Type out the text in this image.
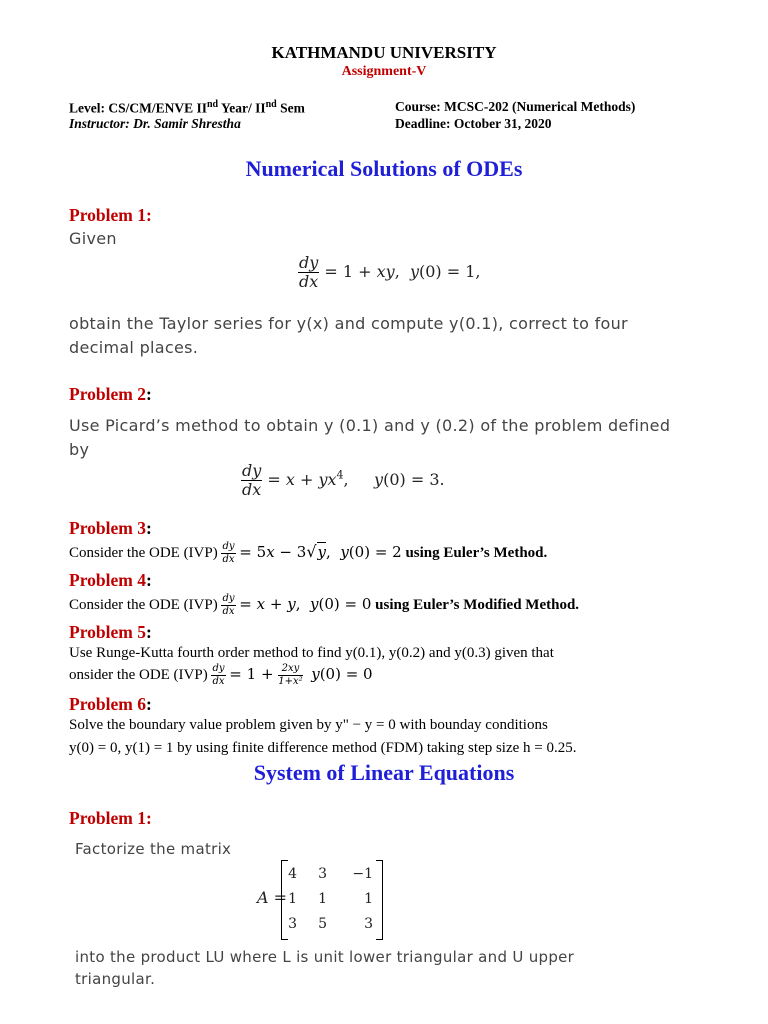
KATHMANDU UNIVERSITY
Assignment-V
Level: CS/CM/ENVE IInd Year/ IInd Sem
Instructor: Dr. Samir Shrestha
Course: MCSC-202 (Numerical Methods)
Deadline: October 31, 2020
Numerical Solutions of ODEs
Problem 1:
Given
$\frac{dy}{dx} = 1$ + xy,  y(0) = 1,
obtain the Taylor series for y(x) and compute y(0.1), correct to four
decimal places.
Problem 2:
Use Picard’s method to obtain y (0.1) and y (0.2) of the problem defined
by
$\frac{dy}{dx} = x + yx^4$,     y(0) = 3.
Problem 3:
Consider the ODE $(IVP) \frac{dy}{dx} = 5x - 3√y$,  y(0) = 2 using Euler’s Method.
Problem 4:
Consider the ODE $(IVP) \frac{dy}{dx} = x + y$,  y(0) = 0 using Euler’s Modified Method.
Problem 5:
Use Runge-Kutta fourth order method to find y(0.1), y(0.2) and y(0.3) given that
onsider the ODE $(IVP) \frac{dy}{dx} = 1 + \frac{2xy}{\text{1+x²}} y(0) = 0$
Problem 6:
Solve the boundary value problem given by y" − y = 0 with bounday conditions
y(0) = 0, y(1) = 1 by using finite difference method (FDM) taking step size h = 0.25.
System of Linear Equations
Problem 1:
Factorize the matrix
A =
4	3	−1
1	1	1
3	5	3
into the product LU where L is unit lower triangular and U upper
triangular.
